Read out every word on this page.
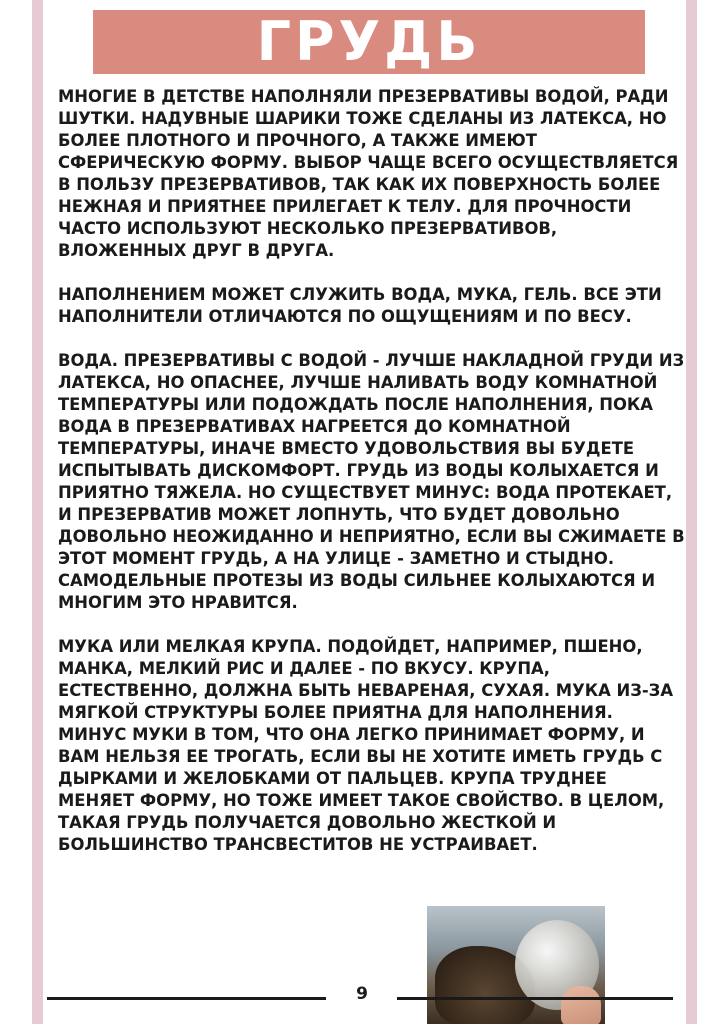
ГРУДЬ

МНОГИЕ В ДЕТСТВЕ НАПОЛНЯЛИ ПРЕЗЕРВАТИВЫ ВОДОЙ, РАДИ ШУТКИ. НАДУВНЫЕ ШАРИКИ ТОЖЕ СДЕЛАНЫ ИЗ ЛАТЕКСА, НО БОЛЕЕ ПЛОТНОГО И ПРОЧНОГО, А ТАКЖЕ ИМЕЮТ СФЕРИЧЕСКУЮ ФОРМУ. ВЫБОР ЧАЩЕ ВСЕГО ОСУЩЕСТВЛЯЕТСЯ В ПОЛЬЗУ ПРЕЗЕРВАТИВОВ, ТАК КАК ИХ ПОВЕРХНОСТЬ БОЛЕЕ НЕЖНАЯ И ПРИЯТНЕЕ ПРИЛЕГАЕТ К ТЕЛУ. ДЛЯ ПРОЧНОСТИ ЧАСТО ИСПОЛЬЗУЮТ НЕСКОЛЬКО ПРЕЗЕРВАТИВОВ, ВЛОЖЕННЫХ ДРУГ В ДРУГА.

НАПОЛНЕНИЕМ МОЖЕТ СЛУЖИТЬ ВОДА, МУКА, ГЕЛЬ. ВСЕ ЭТИ НАПОЛНИТЕЛИ ОТЛИЧАЮТСЯ ПО ОЩУЩЕНИЯМ И ПО ВЕСУ.

ВОДА. ПРЕЗЕРВАТИВЫ С ВОДОЙ - ЛУЧШЕ НАКЛАДНОЙ ГРУДИ ИЗ ЛАТЕКСА, НО ОПАСНЕЕ, ЛУЧШЕ НАЛИВАТЬ ВОДУ КОМНАТНОЙ ТЕМПЕРАТУРЫ ИЛИ ПОДОЖДАТЬ ПОСЛЕ НАПОЛНЕНИЯ, ПОКА ВОДА В ПРЕЗЕРВАТИВАХ НАГРЕЕТСЯ ДО КОМНАТНОЙ ТЕМПЕРАТУРЫ, ИНАЧЕ ВМЕСТО УДОВОЛЬСТВИЯ ВЫ БУДЕТЕ ИСПЫТЫВАТЬ ДИСКОМФОРТ. ГРУДЬ ИЗ ВОДЫ КОЛЫХАЕТСЯ И ПРИЯТНО ТЯЖЕЛА. НО СУЩЕСТВУЕТ МИНУС: ВОДА ПРОТЕКАЕТ, И ПРЕЗЕРВАТИВ МОЖЕТ ЛОПНУТЬ, ЧТО БУДЕТ ДОВОЛЬНО ДОВОЛЬНО НЕОЖИДАННО И НЕПРИЯТНО, ЕСЛИ ВЫ СЖИМАЕТЕ В ЭТОТ МОМЕНТ ГРУДЬ, А НА УЛИЦЕ - ЗАМЕТНО И СТЫДНО. САМОДЕЛЬНЫЕ ПРОТЕЗЫ ИЗ ВОДЫ СИЛЬНЕЕ КОЛЫХАЮТСЯ И МНОГИМ ЭТО НРАВИТСЯ.

МУКА ИЛИ МЕЛКАЯ КРУПА. ПОДОЙДЕТ, НАПРИМЕР, ПШЕНО, МАНКА, МЕЛКИЙ РИС И ДАЛЕЕ - ПО ВКУСУ. КРУПА, ЕСТЕСТВЕННО, ДОЛЖНА БЫТЬ НЕВАРЕНАЯ, СУХАЯ. МУКА ИЗ-ЗА МЯГКОЙ СТРУКТУРЫ БОЛЕЕ ПРИЯТНА ДЛЯ НАПОЛНЕНИЯ. МИНУС МУКИ В ТОМ, ЧТО ОНА ЛЕГКО ПРИНИМАЕТ ФОРМУ, И ВАМ НЕЛЬЗЯ ЕЕ ТРОГАТЬ, ЕСЛИ ВЫ НЕ ХОТИТЕ ИМЕТЬ ГРУДЬ С ДЫРКАМИ И ЖЕЛОБКАМИ ОТ ПАЛЬЦЕВ. КРУПА ТРУДНЕЕ МЕНЯЕТ ФОРМУ, НО ТОЖЕ ИМЕЕТ ТАКОЕ СВОЙСТВО. В ЦЕЛОМ, ТАКАЯ ГРУДЬ ПОЛУЧАЕТСЯ ДОВОЛЬНО ЖЕСТКОЙ И БОЛЬШИНСТВО ТРАНСВЕСТИТОВ НЕ УСТРАИВАЕТ.

9
